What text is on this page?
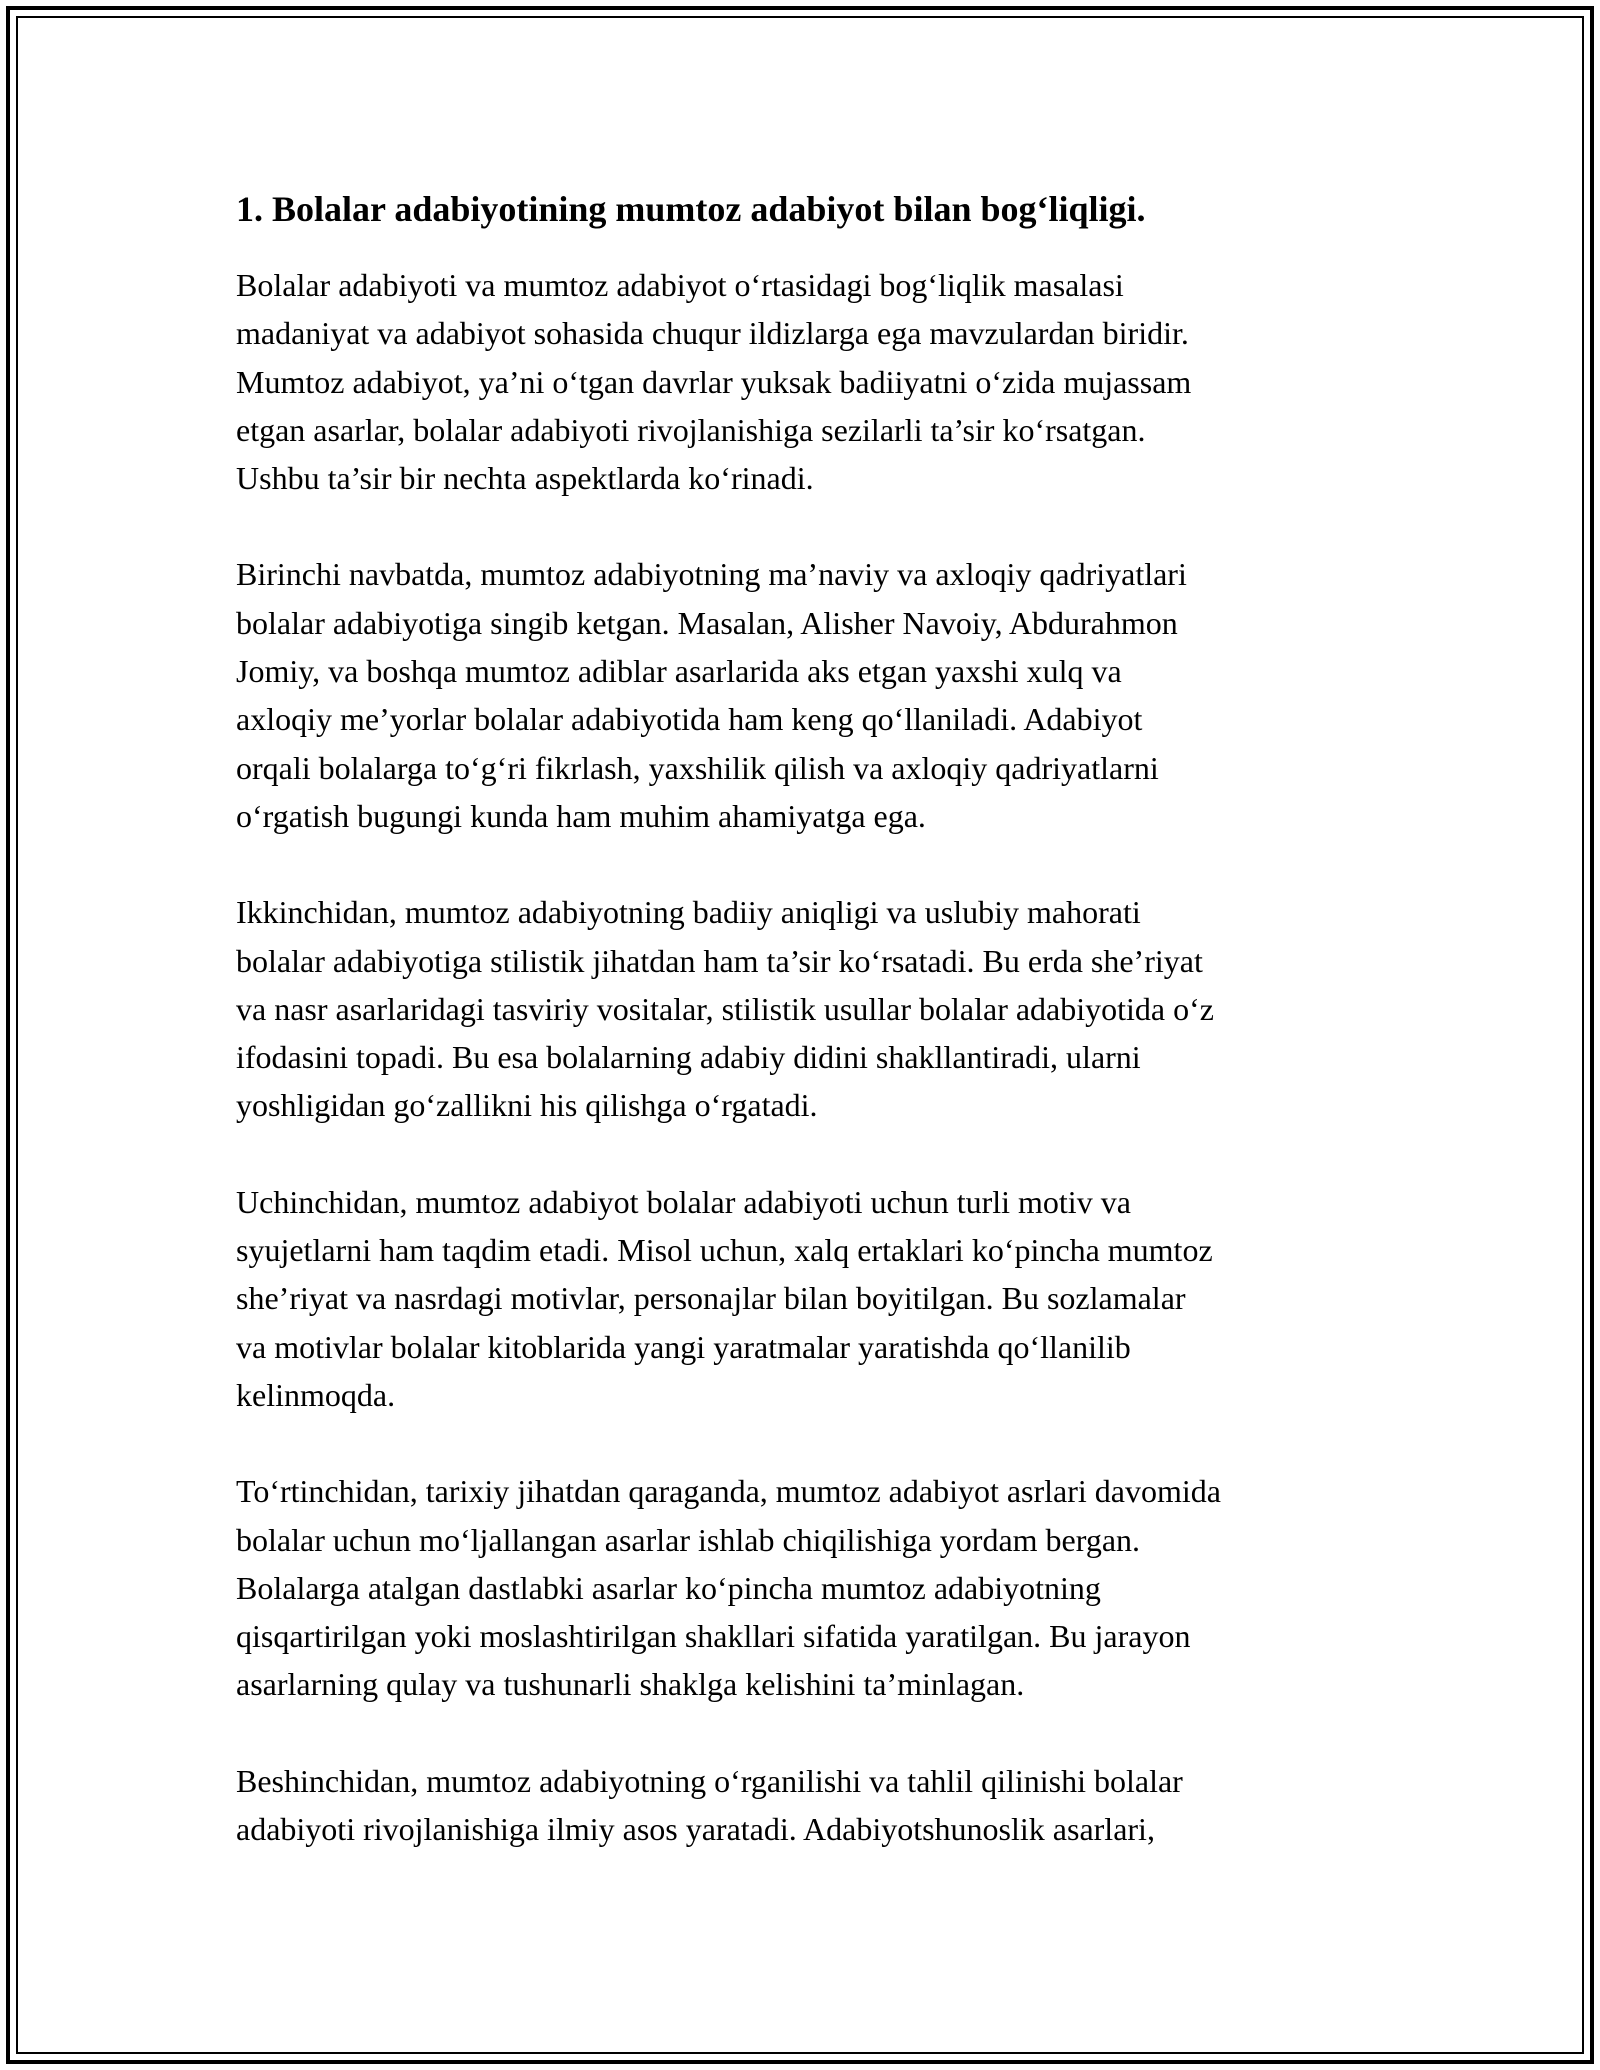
1. Bolalar adabiyotining mumtoz adabiyot bilan bog‘liqligi.

Bolalar adabiyoti va mumtoz adabiyot o‘rtasidagi bog‘liqlik masalasi
madaniyat va adabiyot sohasida chuqur ildizlarga ega mavzulardan biridir.
Mumtoz adabiyot, ya’ni o‘tgan davrlar yuksak badiiyatni o‘zida mujassam
etgan asarlar, bolalar adabiyoti rivojlanishiga sezilarli ta’sir ko‘rsatgan.
Ushbu ta’sir bir nechta aspektlarda ko‘rinadi.

Birinchi navbatda, mumtoz adabiyotning ma’naviy va axloqiy qadriyatlari
bolalar adabiyotiga singib ketgan. Masalan, Alisher Navoiy, Abdurahmon
Jomiy, va boshqa mumtoz adiblar asarlarida aks etgan yaxshi xulq va
axloqiy me’yorlar bolalar adabiyotida ham keng qo‘llaniladi. Adabiyot
orqali bolalarga to‘g‘ri fikrlash, yaxshilik qilish va axloqiy qadriyatlarni
o‘rgatish bugungi kunda ham muhim ahamiyatga ega.

Ikkinchidan, mumtoz adabiyotning badiiy aniqligi va uslubiy mahorati
bolalar adabiyotiga stilistik jihatdan ham ta’sir ko‘rsatadi. Bu erda she’riyat
va nasr asarlaridagi tasviriy vositalar, stilistik usullar bolalar adabiyotida o‘z
ifodasini topadi. Bu esa bolalarning adabiy didini shakllantiradi, ularni
yoshligidan go‘zallikni his qilishga o‘rgatadi.

Uchinchidan, mumtoz adabiyot bolalar adabiyoti uchun turli motiv va
syujetlarni ham taqdim etadi. Misol uchun, xalq ertaklari ko‘pincha mumtoz
she’riyat va nasrdagi motivlar, personajlar bilan boyitilgan. Bu sozlamalar
va motivlar bolalar kitoblarida yangi yaratmalar yaratishda qo‘llanilib
kelinmoqda.

To‘rtinchidan, tarixiy jihatdan qaraganda, mumtoz adabiyot asrlari davomida
bolalar uchun mo‘ljallangan asarlar ishlab chiqilishiga yordam bergan.
Bolalarga atalgan dastlabki asarlar ko‘pincha mumtoz adabiyotning
qisqartirilgan yoki moslashtirilgan shakllari sifatida yaratilgan. Bu jarayon
asarlarning qulay va tushunarli shaklga kelishini ta’minlagan.

Beshinchidan, mumtoz adabiyotning o‘rganilishi va tahlil qilinishi bolalar
adabiyoti rivojlanishiga ilmiy asos yaratadi. Adabiyotshunoslik asarlari,
